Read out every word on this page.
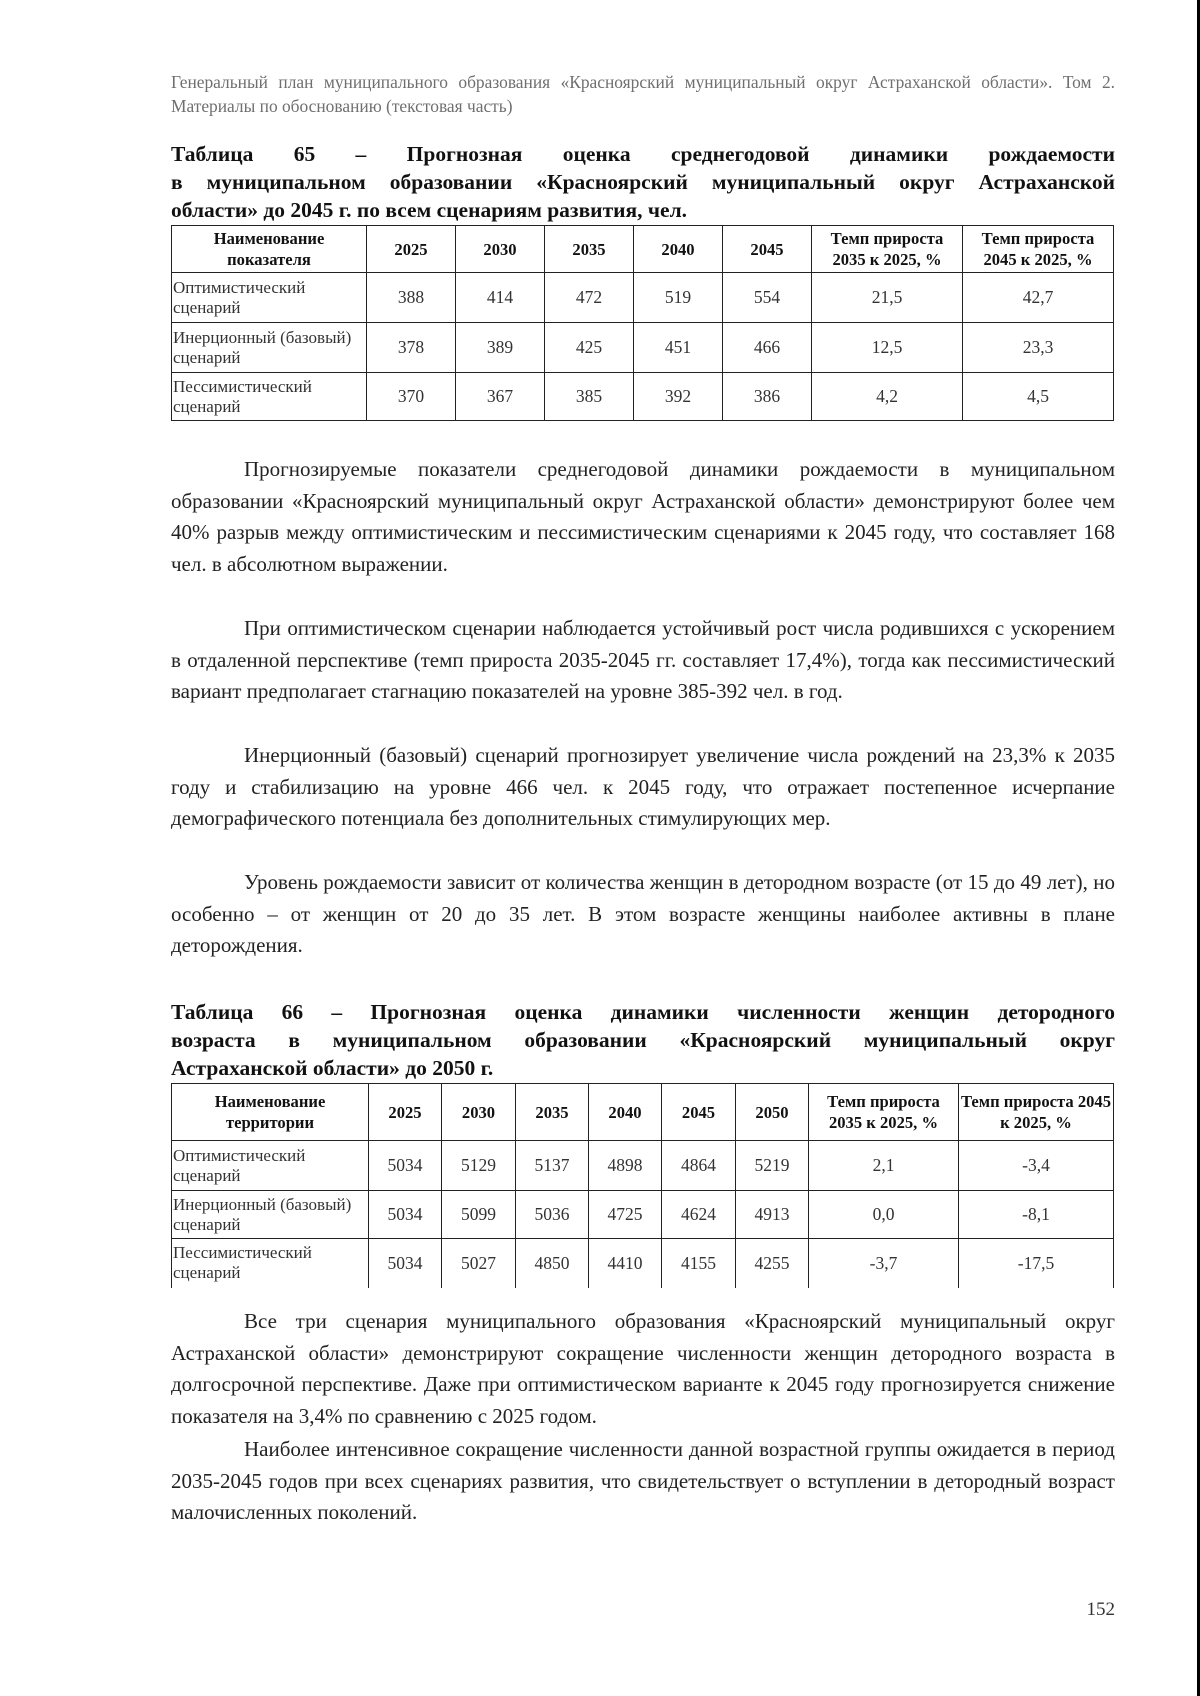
Генеральный план муниципального образования «Красноярский муниципальный округ Астраханской области». Том 2. Материалы по обоснованию (текстовая часть)
Таблица 65 – Прогнозная оценка среднегодовой динамики рождаемости
в муниципальном образовании «Красноярский муниципальный округ Астраханской
области» до 2045 г. по всем сценариям развития, чел.
Наименование показателя	2025	2030	2035	2040	2045	Темп прироста 2035 к 2025, %	Темп прироста 2045 к 2025, %
Оптимистический сценарий	388	414	472	519	554	21,5	42,7
Инерционный (базовый) сценарий	378	389	425	451	466	12,5	23,3
Пессимистический сценарий	370	367	385	392	386	4,2	4,5
Прогнозируемые показатели среднегодовой динамики рождаемости в муниципальном образовании «Красноярский муниципальный округ Астраханской области» демонстрируют более чем 40% разрыв между оптимистическим и пессимистическим сценариями к 2045 году, что составляет 168 чел. в абсолютном выражении.
При оптимистическом сценарии наблюдается устойчивый рост числа родившихся с ускорением в отдаленной перспективе (темп прироста 2035-2045 гг. составляет 17,4%), тогда как пессимистический вариант предполагает стагнацию показателей на уровне 385-392 чел. в год.
Инерционный (базовый) сценарий прогнозирует увеличение числа рождений на 23,3% к 2035 году и стабилизацию на уровне 466 чел. к 2045 году, что отражает постепенное исчерпание демографического потенциала без дополнительных стимулирующих мер.
Уровень рождаемости зависит от количества женщин в детородном возрасте (от 15 до 49 лет), но особенно – от женщин от 20 до 35 лет. В этом возрасте женщины наиболее активны в плане деторождения.
Таблица 66 – Прогнозная оценка динамики численности женщин детородного
возраста в муниципальном образовании «Красноярский муниципальный округ
Астраханской области» до 2050 г.
Наименование территории	2025	2030	2035	2040	2045	2050	Темп прироста 2035 к 2025, %	Темп прироста 2045 к 2025, %
Оптимистический сценарий	5034	5129	5137	4898	4864	5219	2,1	-3,4
Инерционный (базовый) сценарий	5034	5099	5036	4725	4624	4913	0,0	-8,1
Пессимистический сценарий	5034	5027	4850	4410	4155	4255	-3,7	-17,5
Все три сценария муниципального образования «Красноярский муниципальный округ Астраханской области» демонстрируют сокращение численности женщин детородного возраста в долгосрочной перспективе. Даже при оптимистическом варианте к 2045 году прогнозируется снижение показателя на 3,4% по сравнению с 2025 годом.
Наиболее интенсивное сокращение численности данной возрастной группы ожидается в период 2035-2045 годов при всех сценариях развития, что свидетельствует о вступлении в детородный возраст малочисленных поколений.
152
